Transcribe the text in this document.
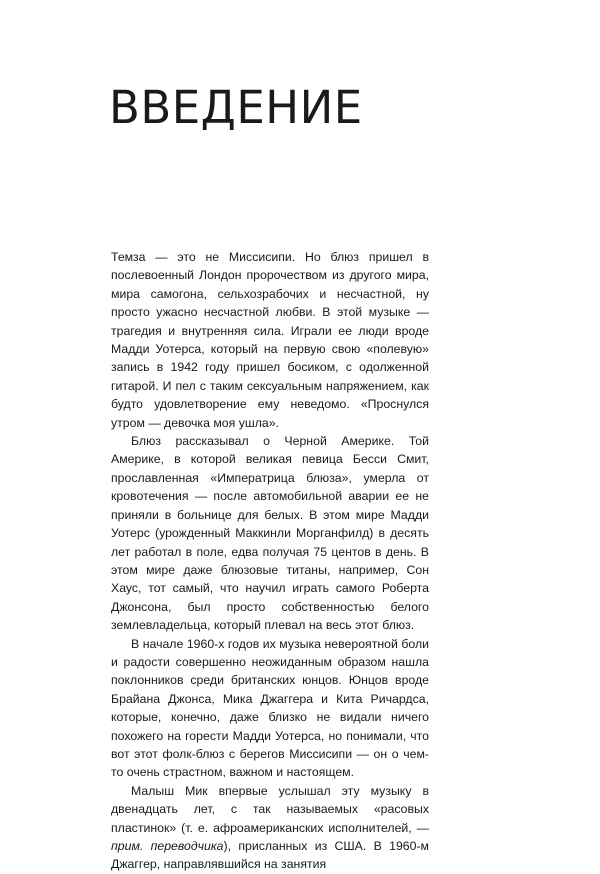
ВВЕДЕНИЕ

Темза — это не Миссисипи. Но блюз пришел в послевоенный Лондон пророчеством из другого мира, мира самогона, сельхозрабочих и несчастной, ну просто ужасно несчастной любви. В этой музыке — трагедия и внутренняя сила. Играли ее люди вроде Мадди Уотерса, который на первую свою «полевую» запись в 1942 году пришел босиком, с одолженной гитарой. И пел с таким сексуальным напряжением, как будто удовлетворение ему неведомо. «Проснулся утром — девочка моя ушла».

Блюз рассказывал о Черной Америке. Той Америке, в которой великая певица Бесси Смит, прославленная «Императрица блюза», умерла от кровотечения — после автомобильной аварии ее не приняли в больнице для белых. В этом мире Мадди Уотерс (урожденный Маккинли Морганфилд) в десять лет работал в поле, едва получая 75 центов в день. В этом мире даже блюзовые титаны, например, Сон Хаус, тот самый, что научил играть самого Роберта Джонсона, был просто собственностью белого землевладельца, который плевал на весь этот блюз.

В начале 1960-х годов их музыка невероятной боли и радости совершенно неожиданным образом нашла поклонников среди британских юнцов. Юнцов вроде Брайана Джонса, Мика Джаггера и Кита Ричардса, которые, конечно, даже близко не видали ничего похожего на горести Мадди Уотерса, но понимали, что вот этот фолк-блюз с берегов Миссисипи — он о чем-то очень страстном, важном и настоящем.

Малыш Мик впервые услышал эту музыку в двенадцать лет, с так называемых «расовых пластинок» (т. е. афроамериканских исполнителей, — прим. переводчика), присланных из США. В 1960-м Джаггер, направлявшийся на занятия
